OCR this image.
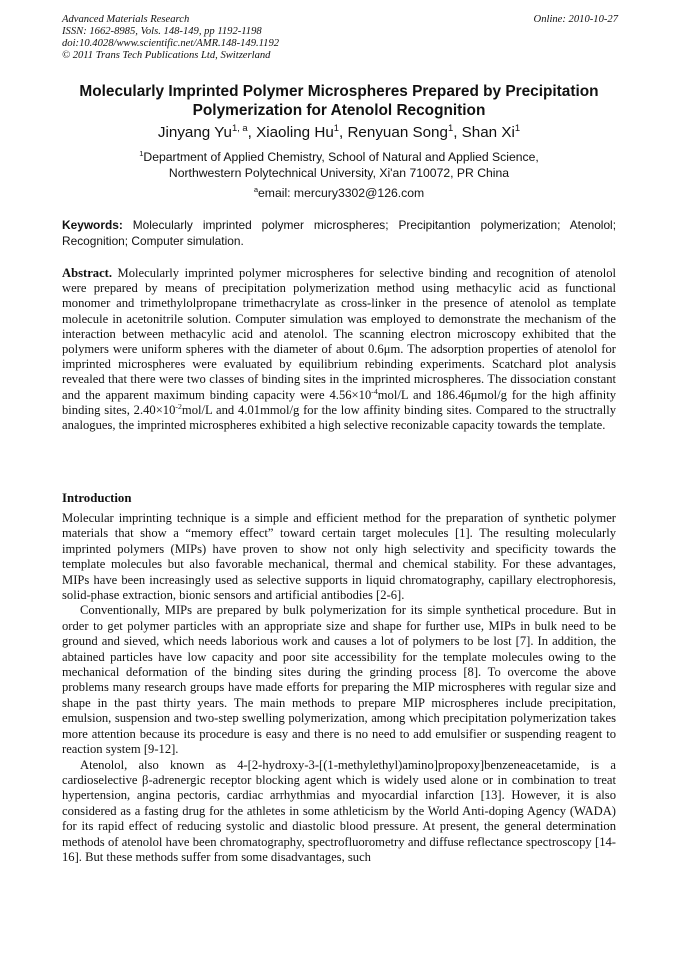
Advanced Materials Research
ISSN: 1662-8985, Vols. 148-149, pp 1192-1198
doi:10.4028/www.scientific.net/AMR.148-149.1192
© 2011 Trans Tech Publications Ltd, Switzerland
Online: 2010-10-27
Molecularly Imprinted Polymer Microspheres Prepared by Precipitation
Polymerization for Atenolol Recognition
Jinyang Yu$^{1, a}$, Xiaoling Hu$^1$, Renyuan Song$^1$, Shan Xi$^1$
$^1$Department of Applied Chemistry, School of Natural and Applied Science,
Northwestern Polytechnical University, Xi'an 710072, PR China
$^a$email: mercury3302@126.com
Keywords: Molecularly imprinted polymer microspheres; Precipitantion polymerization; Atenolol; Recognition; Computer simulation.

Abstract. Molecularly imprinted polymer microspheres for selective binding and recognition of atenolol were prepared by means of precipitation polymerization method using methacylic acid as functional monomer and trimethylolpropane trimethacrylate as cross-linker in the presence of atenolol as template molecule in acetonitrile solution. Computer simulation was employed to demonstrate the mechanism of the interaction between methacylic acid and atenolol. The scanning electron microscopy exhibited that the polymers were uniform spheres with the diameter of about 0.6μm. The adsorption properties of atenolol for imprinted microspheres were evaluated by equilibrium rebinding experiments. Scatchard plot analysis revealed that there were two classes of binding sites in the imprinted microspheres. The dissociation constant and the apparent maximum binding capacity were $4.56\times 10^{-4}mol/L$ and 186.46μmol/g for the high affinity binding sites, $2.40\times 10^{-2}mol/L$ and 4.01mmol/g for the low affinity binding sites. Compared to the structrally analogues, the imprinted microspheres exhibited a high selective reconizable capacity towards the template.

Introduction

Molecular imprinting technique is a simple and efficient method for the preparation of synthetic polymer materials that show a “memory effect” toward certain target molecules [1]. The resulting molecularly imprinted polymers (MIPs) have proven to show not only high selectivity and specificity towards the template molecules but also favorable mechanical, thermal and chemical stability. For these advantages, MIPs have been increasingly used as selective supports in liquid chromatography, capillary electrophoresis, solid-phase extraction, bionic sensors and artificial antibodies [2-6].

Conventionally, MIPs are prepared by bulk polymerization for its simple synthetical procedure. But in order to get polymer particles with an appropriate size and shape for further use, MIPs in bulk need to be ground and sieved, which needs laborious work and causes a lot of polymers to be lost [7]. In addition, the abtained particles have low capacity and poor site accessibility for the template molecules owing to the mechanical deformation of the binding sites during the grinding process [8]. To overcome the above problems many research groups have made efforts for preparing the MIP microspheres with regular size and shape in the past thirty years. The main methods to prepare MIP microspheres include precipitation, emulsion, suspension and two-step swelling polymerization, among which precipitation polymerization takes more attention because its procedure is easy and there is no need to add emulsifier or suspending reagent to reaction system [9-12].

Atenolol, also known as 4-[2-hydroxy-3-[(1-methylethyl)amino]propoxy]benzeneacetamide, is a cardioselective β-adrenergic receptor blocking agent which is widely used alone or in combination to treat hypertension, angina pectoris, cardiac arrhythmias and myocardial infarction [13]. However, it is also considered as a fasting drug for the athletes in some athleticism by the World Anti-doping Agency (WADA) for its rapid effect of reducing systolic and diastolic blood pressure. At present, the general determination methods of atenolol have been chromatography, spectrofluorometry and diffuse reflectance spectroscopy [14-16]. But these methods suffer from some disadvantages, such
